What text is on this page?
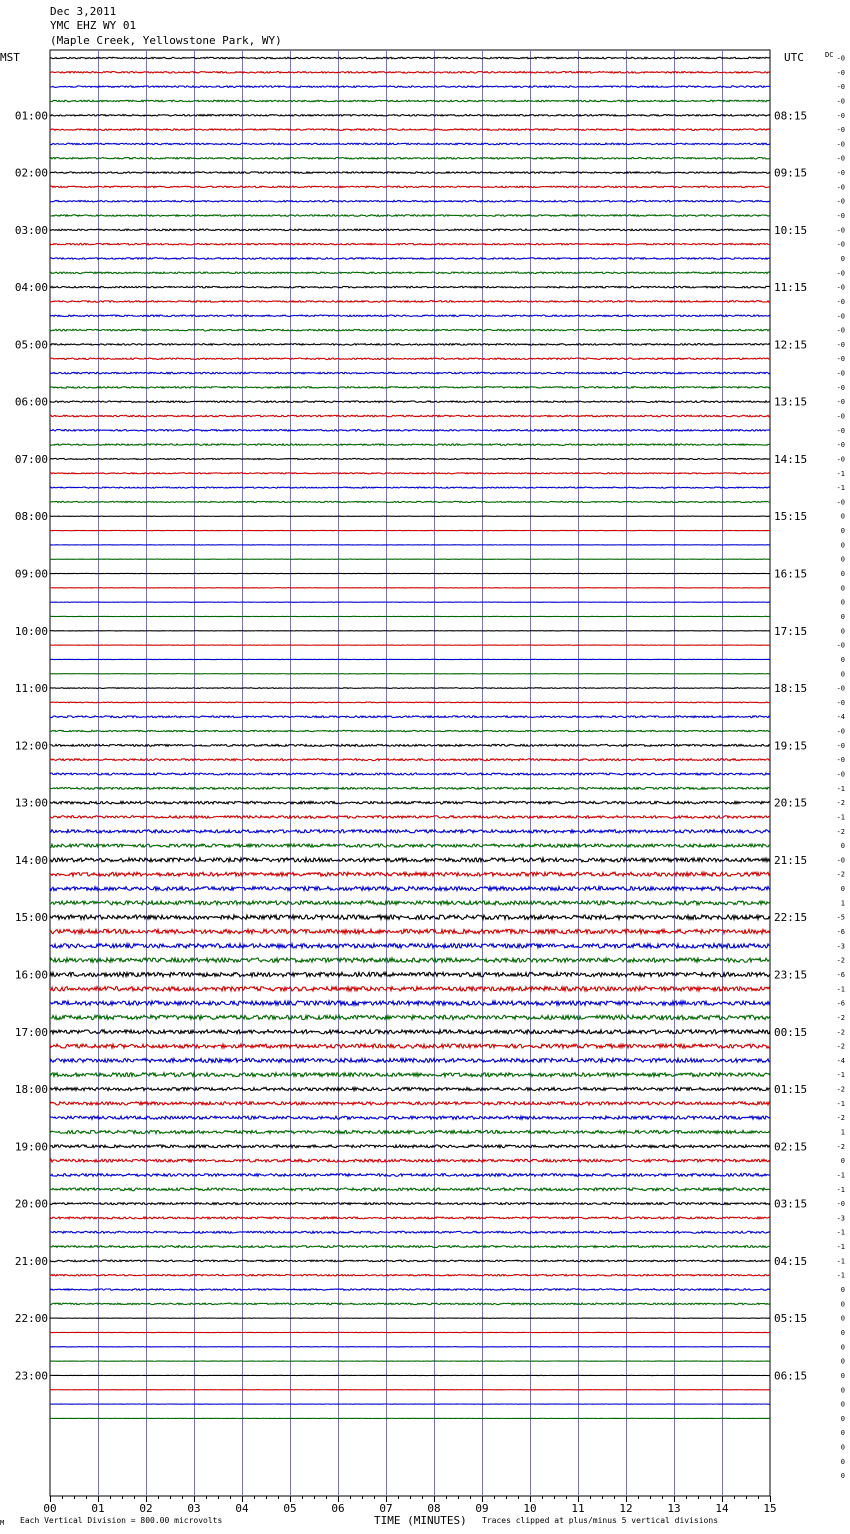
Dec 3,2011
YMC EHZ WY 01
(Maple Creek, Yellowstone Park, WY)
MST	UTC
01:00
02:00
03:00
04:00
05:00
06:00
07:00
08:00
09:00
10:00
11:00
12:00
13:00
14:00
15:00
16:00
17:00
18:00
19:00
20:00
21:00
22:00
23:00
08:15
09:15
10:15
11:15
12:15
13:15
14:15
15:15
16:15
17:15
18:15
19:15
20:15
21:15
22:15
23:15
00:15
01:15
02:15
03:15
04:15
05:15
06:15
DC -0
-0
-0
-0
-0
-0
-0
-0
-0
-0
-0
-0
-0
-0
0
-0
-0
-0
-0
-0
-0
-0
-0
-0
-0
-0
-0
-0
-0
-1
-1
-0
0
0
0
0
0
0
0
0
0
-0
0
0
-0
-0
-4
-0
-0
-0
-0
-1
-2
-1
-2
0
-0
-2
0
1
-5
-6
-3
-2
-6
-1
-6
-2
-2
-2
-4
-1
-2
-1
-2
1
-2
0
-1
-1
-0
-3
-1
-1
-1
-1
0
0
0
0
0
0
0
0
0
0
0
0
0
0
00	01	02	03	04	05	06	07	08	09	10	11	12	13	14	15
M Each Vertical Division = 800.00 microvolts	TIME (MINUTES) Traces clipped at plus/minus 5 vertical divisions
